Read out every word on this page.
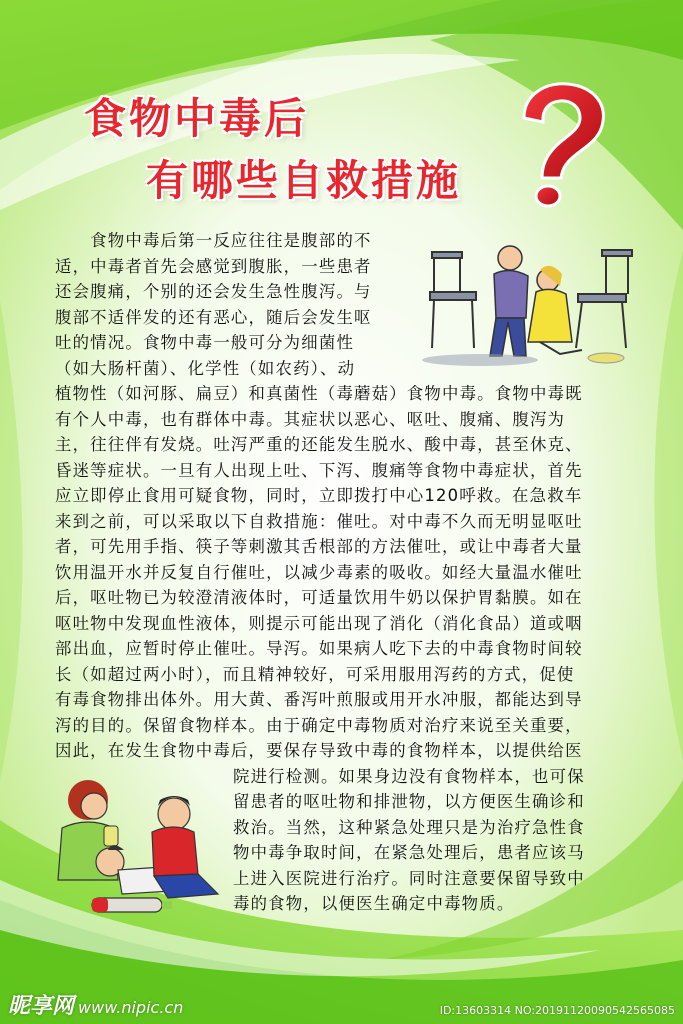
食物中毒后
有哪些自救措施
　　食物中毒后第一反应往往是腹部的不
适，中毒者首先会感觉到腹胀，一些患者
还会腹痛，个别的还会发生急性腹泻。与
腹部不适伴发的还有恶心，随后会发生呕
吐的情况。食物中毒一般可分为细菌性
（如大肠杆菌）、化学性（如农药）、动
植物性（如河豚、扁豆）和真菌性（毒蘑菇）食物中毒。食物中毒既
有个人中毒，也有群体中毒。其症状以恶心、呕吐、腹痛、腹泻为
主，往往伴有发烧。吐泻严重的还能发生脱水、酸中毒，甚至休克、
昏迷等症状。一旦有人出现上吐、下泻、腹痛等食物中毒症状，首先
应立即停止食用可疑食物，同时，立即拨打中心120呼救。在急救车
来到之前，可以采取以下自救措施：催吐。对中毒不久而无明显呕吐
者，可先用手指、筷子等刺激其舌根部的方法催吐，或让中毒者大量
饮用温开水并反复自行催吐，以减少毒素的吸收。如经大量温水催吐
后，呕吐物已为较澄清液体时，可适量饮用牛奶以保护胃黏膜。如在
呕吐物中发现血性液体，则提示可能出现了消化（消化食品）道或咽
部出血，应暂时停止催吐。导泻。如果病人吃下去的中毒食物时间较
长（如超过两小时），而且精神较好，可采用服用泻药的方式，促使
有毒食物排出体外。用大黄、番泻叶煎服或用开水冲服，都能达到导
泻的目的。保留食物样本。由于确定中毒物质对治疗来说至关重要，
因此，在发生食物中毒后，要保存导致中毒的食物样本，以提供给医
院进行检测。如果身边没有食物样本，也可保
留患者的呕吐物和排泄物，以方便医生确诊和
救治。当然，这种紧急处理只是为治疗急性食
物中毒争取时间，在紧急处理后，患者应该马
上进入医院进行治疗。同时注意要保留导致中
毒的食物，以便医生确定中毒物质。
昵享网 www.nipic.cn	ID:13603314 NO:20191120090542565085
